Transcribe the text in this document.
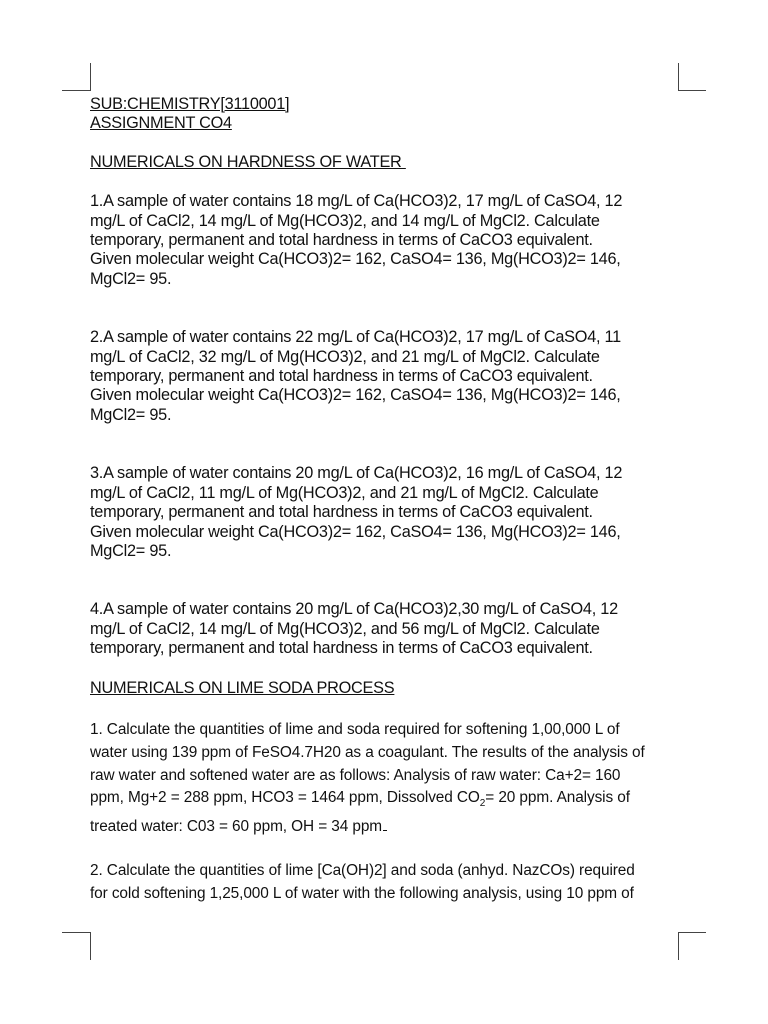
SUB:CHEMISTRY[3110001]

ASSIGNMENT CO4

NUMERICALS ON HARDNESS OF WATER

1.A sample of water contains 18 mg/L of Ca(HCO3)2, 17 mg/L of CaSO4, 12
mg/L of CaCl2, 14 mg/L of Mg(HCO3)2, and 14 mg/L of MgCl2. Calculate
temporary, permanent and total hardness in terms of CaCO3 equivalent.
Given molecular weight Ca(HCO3)2= 162, CaSO4= 136, Mg(HCO3)2= 146,
MgCl2= 95.
2.A sample of water contains 22 mg/L of Ca(HCO3)2, 17 mg/L of CaSO4, 11
mg/L of CaCl2, 32 mg/L of Mg(HCO3)2, and 21 mg/L of MgCl2. Calculate
temporary, permanent and total hardness in terms of CaCO3 equivalent.
Given molecular weight Ca(HCO3)2= 162, CaSO4= 136, Mg(HCO3)2= 146,
MgCl2= 95.
3.A sample of water contains 20 mg/L of Ca(HCO3)2, 16 mg/L of CaSO4, 12
mg/L of CaCl2, 11 mg/L of Mg(HCO3)2, and 21 mg/L of MgCl2. Calculate
temporary, permanent and total hardness in terms of CaCO3 equivalent.
Given molecular weight Ca(HCO3)2= 162, CaSO4= 136, Mg(HCO3)2= 146,
MgCl2= 95.
4.A sample of water contains 20 mg/L of Ca(HCO3)2,30 mg/L of CaSO4, 12
mg/L of CaCl2, 14 mg/L of Mg(HCO3)2, and 56 mg/L of MgCl2. Calculate
temporary, permanent and total hardness in terms of CaCO3 equivalent.

NUMERICALS ON LIME SODA PROCESS

1. Calculate the quantities of lime and soda required for softening 1,00,000 L of
water using 139 ppm of FeSO4.7H20 as a coagulant. The results of the analysis of
raw water and softened water are as follows: Analysis of raw water: Ca+2= 160
ppm, Mg+2 = 288 ppm, HCO3 = 1464 ppm, Dissolved $CO_2= 20$ ppm. Analysis of
treated water: C03 = 60 ppm, OH = 34 ppm
2. Calculate the quantities of lime [Ca(OH)2] and soda (anhyd. NazCOs) required
for cold softening 1,25,000 L of water with the following analysis, using 10 ppm of
